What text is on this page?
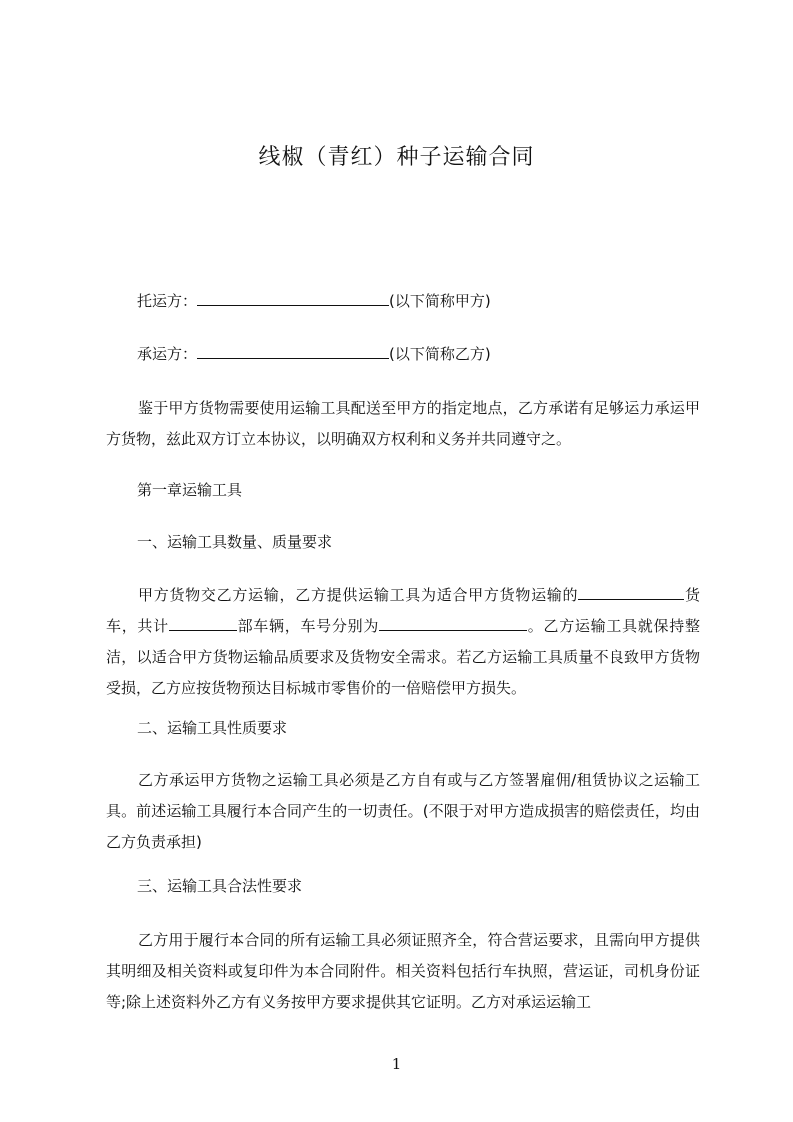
线椒（青红）种子运输合同
托运方：	(以下简称甲方)
承运方：	(以下简称乙方)
鉴于甲方货物需要使用运输工具配送至甲方的指定地点，乙方承诺有足够运力承运甲方货物，兹此双方订立本协议，以明确双方权利和义务并共同遵守之。
第一章运输工具
一、运输工具数量、质量要求
甲方货物交乙方运输，乙方提供运输工具为适合甲方货物运输的	货车，共计	部车辆，车号分别为	。乙方运输工具就保持整洁，以适合甲方货物运输品质要求及货物安全需求。若乙方运输工具质量不良致甲方货物受损，乙方应按货物预达目标城市零售价的一倍赔偿甲方损失。
二、运输工具性质要求
乙方承运甲方货物之运输工具必须是乙方自有或与乙方签署雇佣/租赁协议之运输工具。前述运输工具履行本合同产生的一切责任。(不限于对甲方造成损害的赔偿责任，均由乙方负责承担)
三、运输工具合法性要求
乙方用于履行本合同的所有运输工具必须证照齐全，符合营运要求，且需向甲方提供其明细及相关资料或复印件为本合同附件。相关资料包括行车执照，营运证，司机身份证等;除上述资料外乙方有义务按甲方要求提供其它证明。乙方对承运运输工
1
